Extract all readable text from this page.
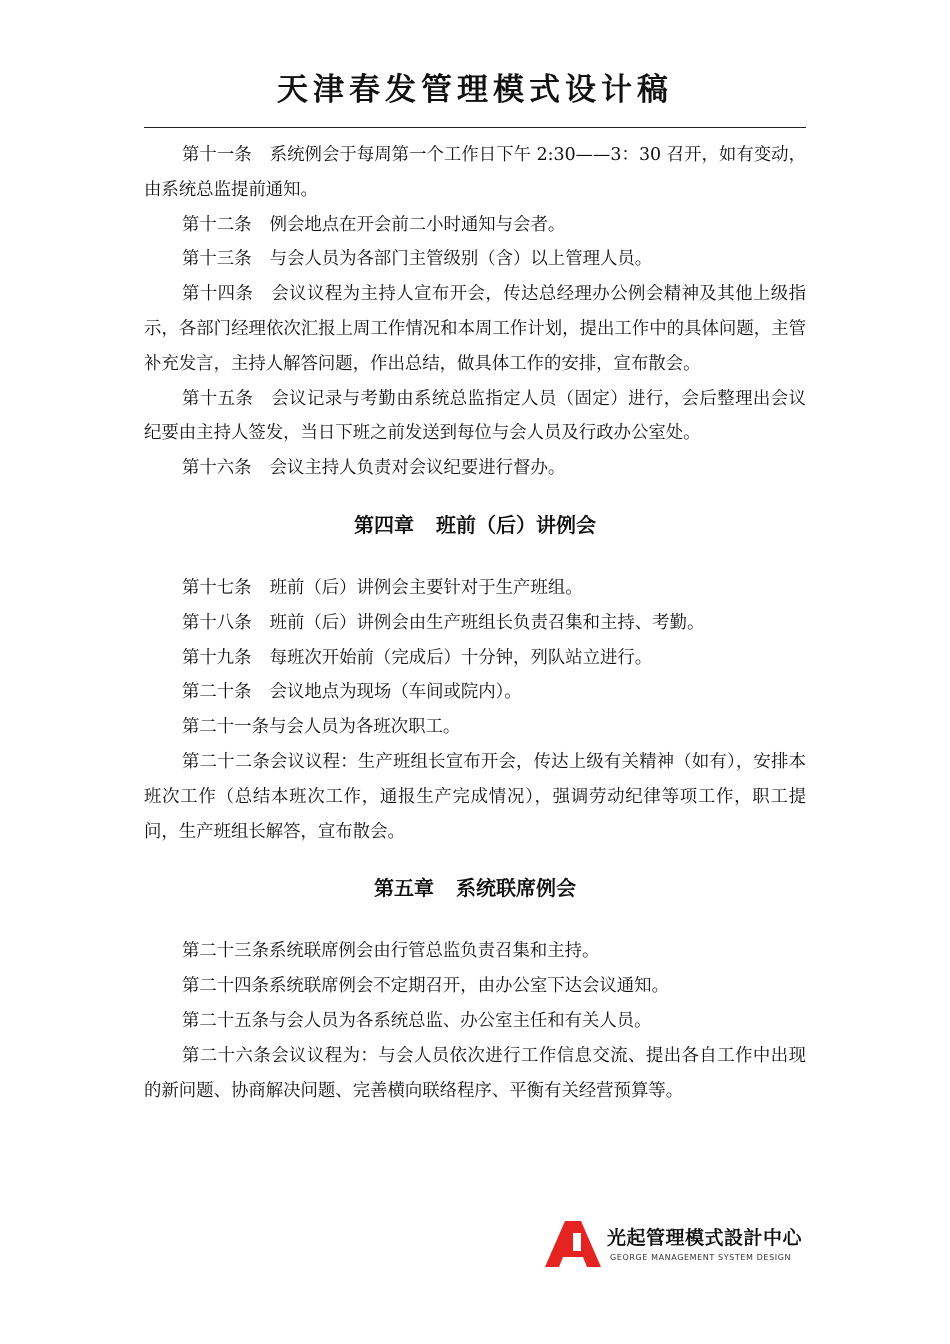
天津春发管理模式设计稿

第十一条 系统例会于每周第一个工作日下午 2:30——3：30 召开，如有变动，由系统总监提前通知。

第十二条 例会地点在开会前二小时通知与会者。

第十三条 与会人员为各部门主管级别（含）以上管理人员。

第十四条 会议议程为主持人宣布开会，传达总经理办公例会精神及其他上级指示，各部门经理依次汇报上周工作情况和本周工作计划，提出工作中的具体问题，主管补充发言，主持人解答问题，作出总结，做具体工作的安排，宣布散会。

第十五条 会议记录与考勤由系统总监指定人员（固定）进行，会后整理出会议纪要由主持人签发，当日下班之前发送到每位与会人员及行政办公室处。

第十六条 会议主持人负责对会议纪要进行督办。

第四章 班前（后）讲例会

第十七条 班前（后）讲例会主要针对于生产班组。

第十八条 班前（后）讲例会由生产班组长负责召集和主持、考勤。

第十九条 每班次开始前（完成后）十分钟，列队站立进行。

第二十条 会议地点为现场（车间或院内）。

第二十一条与会人员为各班次职工。

第二十二条会议议程：生产班组长宣布开会，传达上级有关精神（如有），安排本班次工作（总结本班次工作，通报生产完成情况），强调劳动纪律等项工作，职工提问，生产班组长解答，宣布散会。

第五章 系统联席例会

第二十三条系统联席例会由行管总监负责召集和主持。

第二十四条系统联席例会不定期召开，由办公室下达会议通知。

第二十五条与会人员为各系统总监、办公室主任和有关人员。

第二十六条会议议程为：与会人员依次进行工作信息交流、提出各自工作中出现的新问题、协商解决问题、完善横向联络程序、平衡有关经营预算等。

光起管理模式設計中心
GEORGE MANAGEMENT SYSTEM DESIGN
